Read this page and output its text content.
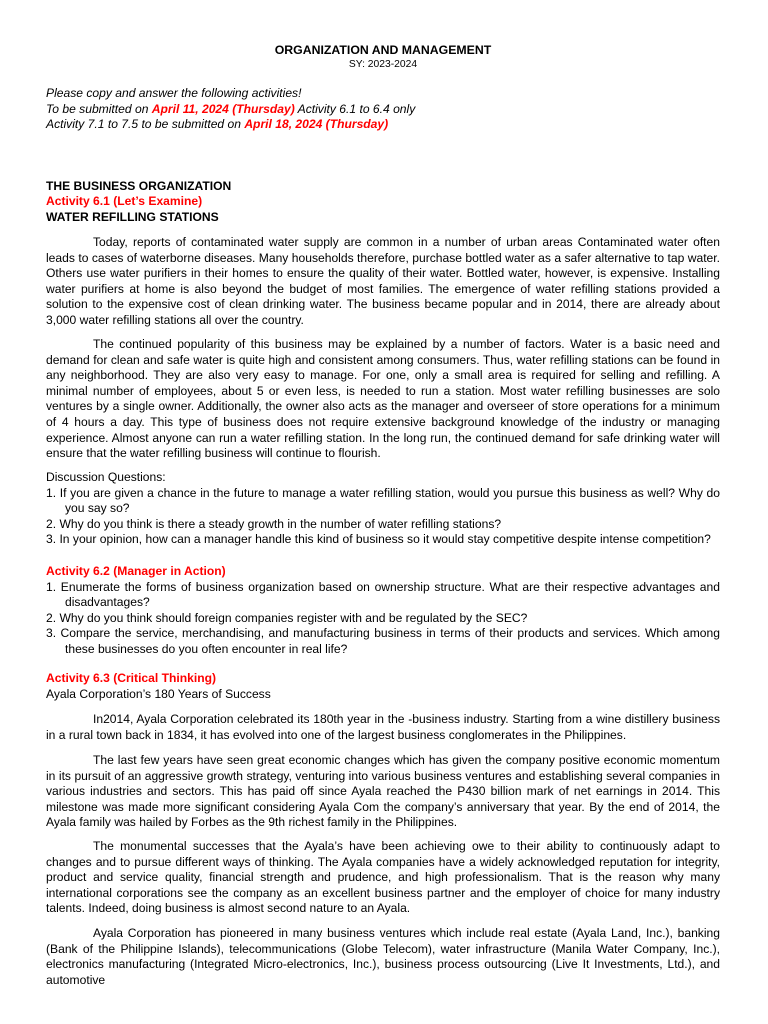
ORGANIZATION AND MANAGEMENT
SY: 2023-2024
Please copy and answer the following activities!
To be submitted on April 11, 2024 (Thursday) Activity 6.1 to 6.4 only
Activity 7.1 to 7.5 to be submitted on April 18, 2024 (Thursday)
THE BUSINESS ORGANIZATION
Activity 6.1 (Let’s Examine)
WATER REFILLING STATIONS

Today, reports of contaminated water supply are common in a number of urban areas Contaminated water often leads to cases of waterborne diseases. Many households therefore, purchase bottled water as a safer alternative to tap water. Others use water purifiers in their homes to ensure the quality of their water. Bottled water, however, is expensive. Installing water purifiers at home is also beyond the budget of most families. The emergence of water refilling stations provided a solution to the expensive cost of clean drinking water. The business became popular and in 2014, there are already about 3,000 water refilling stations all over the country.

The continued popularity of this business may be explained by a number of factors. Water is a basic need and demand for clean and safe water is quite high and consistent among consumers. Thus, water refilling stations can be found in any neighborhood. They are also very easy to manage. For one, only a small area is required for selling and refilling. A minimal number of employees, about 5 or even less, is needed to run a station. Most water refilling businesses are solo ventures by a single owner. Additionally, the owner also acts as the manager and overseer of store operations for a minimum of 4 hours a day. This type of business does not require extensive background knowledge of the industry or managing experience. Almost anyone can run a water refilling station. In the long run, the continued demand for safe drinking water will ensure that the water refilling business will continue to flourish.

Discussion Questions:
1. If you are given a chance in the future to manage a water refilling station, would you pursue this business as well? Why do you say so?
2. Why do you think is there a steady growth in the number of water refilling stations?
3. In your opinion, how can a manager handle this kind of business so it would stay competitive despite intense competition?
Activity 6.2 (Manager in Action)
1. Enumerate the forms of business organization based on ownership structure. What are their respective advantages and disadvantages?
2. Why do you think should foreign companies register with and be regulated by the SEC?
3. Compare the service, merchandising, and manufacturing business in terms of their products and services. Which among these businesses do you often encounter in real life?
Activity 6.3 (Critical Thinking)
Ayala Corporation’s 180 Years of Success

In2014, Ayala Corporation celebrated its 180th year in the -business industry. Starting from a wine distillery business in a rural town back in 1834, it has evolved into one of the largest business conglomerates in the Philippines.

The last few years have seen great economic changes which has given the company positive economic momentum in its pursuit of an aggressive growth strategy, venturing into various business ventures and establishing several companies in various industries and sectors. This has paid off since Ayala reached the P430 billion mark of net earnings in 2014. This milestone was made more significant considering Ayala Com the company’s anniversary that year. By the end of 2014, the Ayala family was hailed by Forbes as the 9th richest family in the Philippines.

The monumental successes that the Ayala’s have been achieving owe to their ability to continuously adapt to changes and to pursue different ways of thinking. The Ayala companies have a widely acknowledged reputation for integrity, product and service quality, financial strength and prudence, and high professionalism. That is the reason why many international corporations see the company as an excellent business partner and the employer of choice for many industry talents. Indeed, doing business is almost second nature to an Ayala.

Ayala Corporation has pioneered in many business ventures which include real estate (Ayala Land, Inc.), banking (Bank of the Philippine Islands), telecommunications (Globe Telecom), water infrastructure (Manila Water Company, Inc.), electronics manufacturing (Integrated Micro-electronics, Inc.), business process outsourcing (Live It Investments, Ltd.), and automotive
